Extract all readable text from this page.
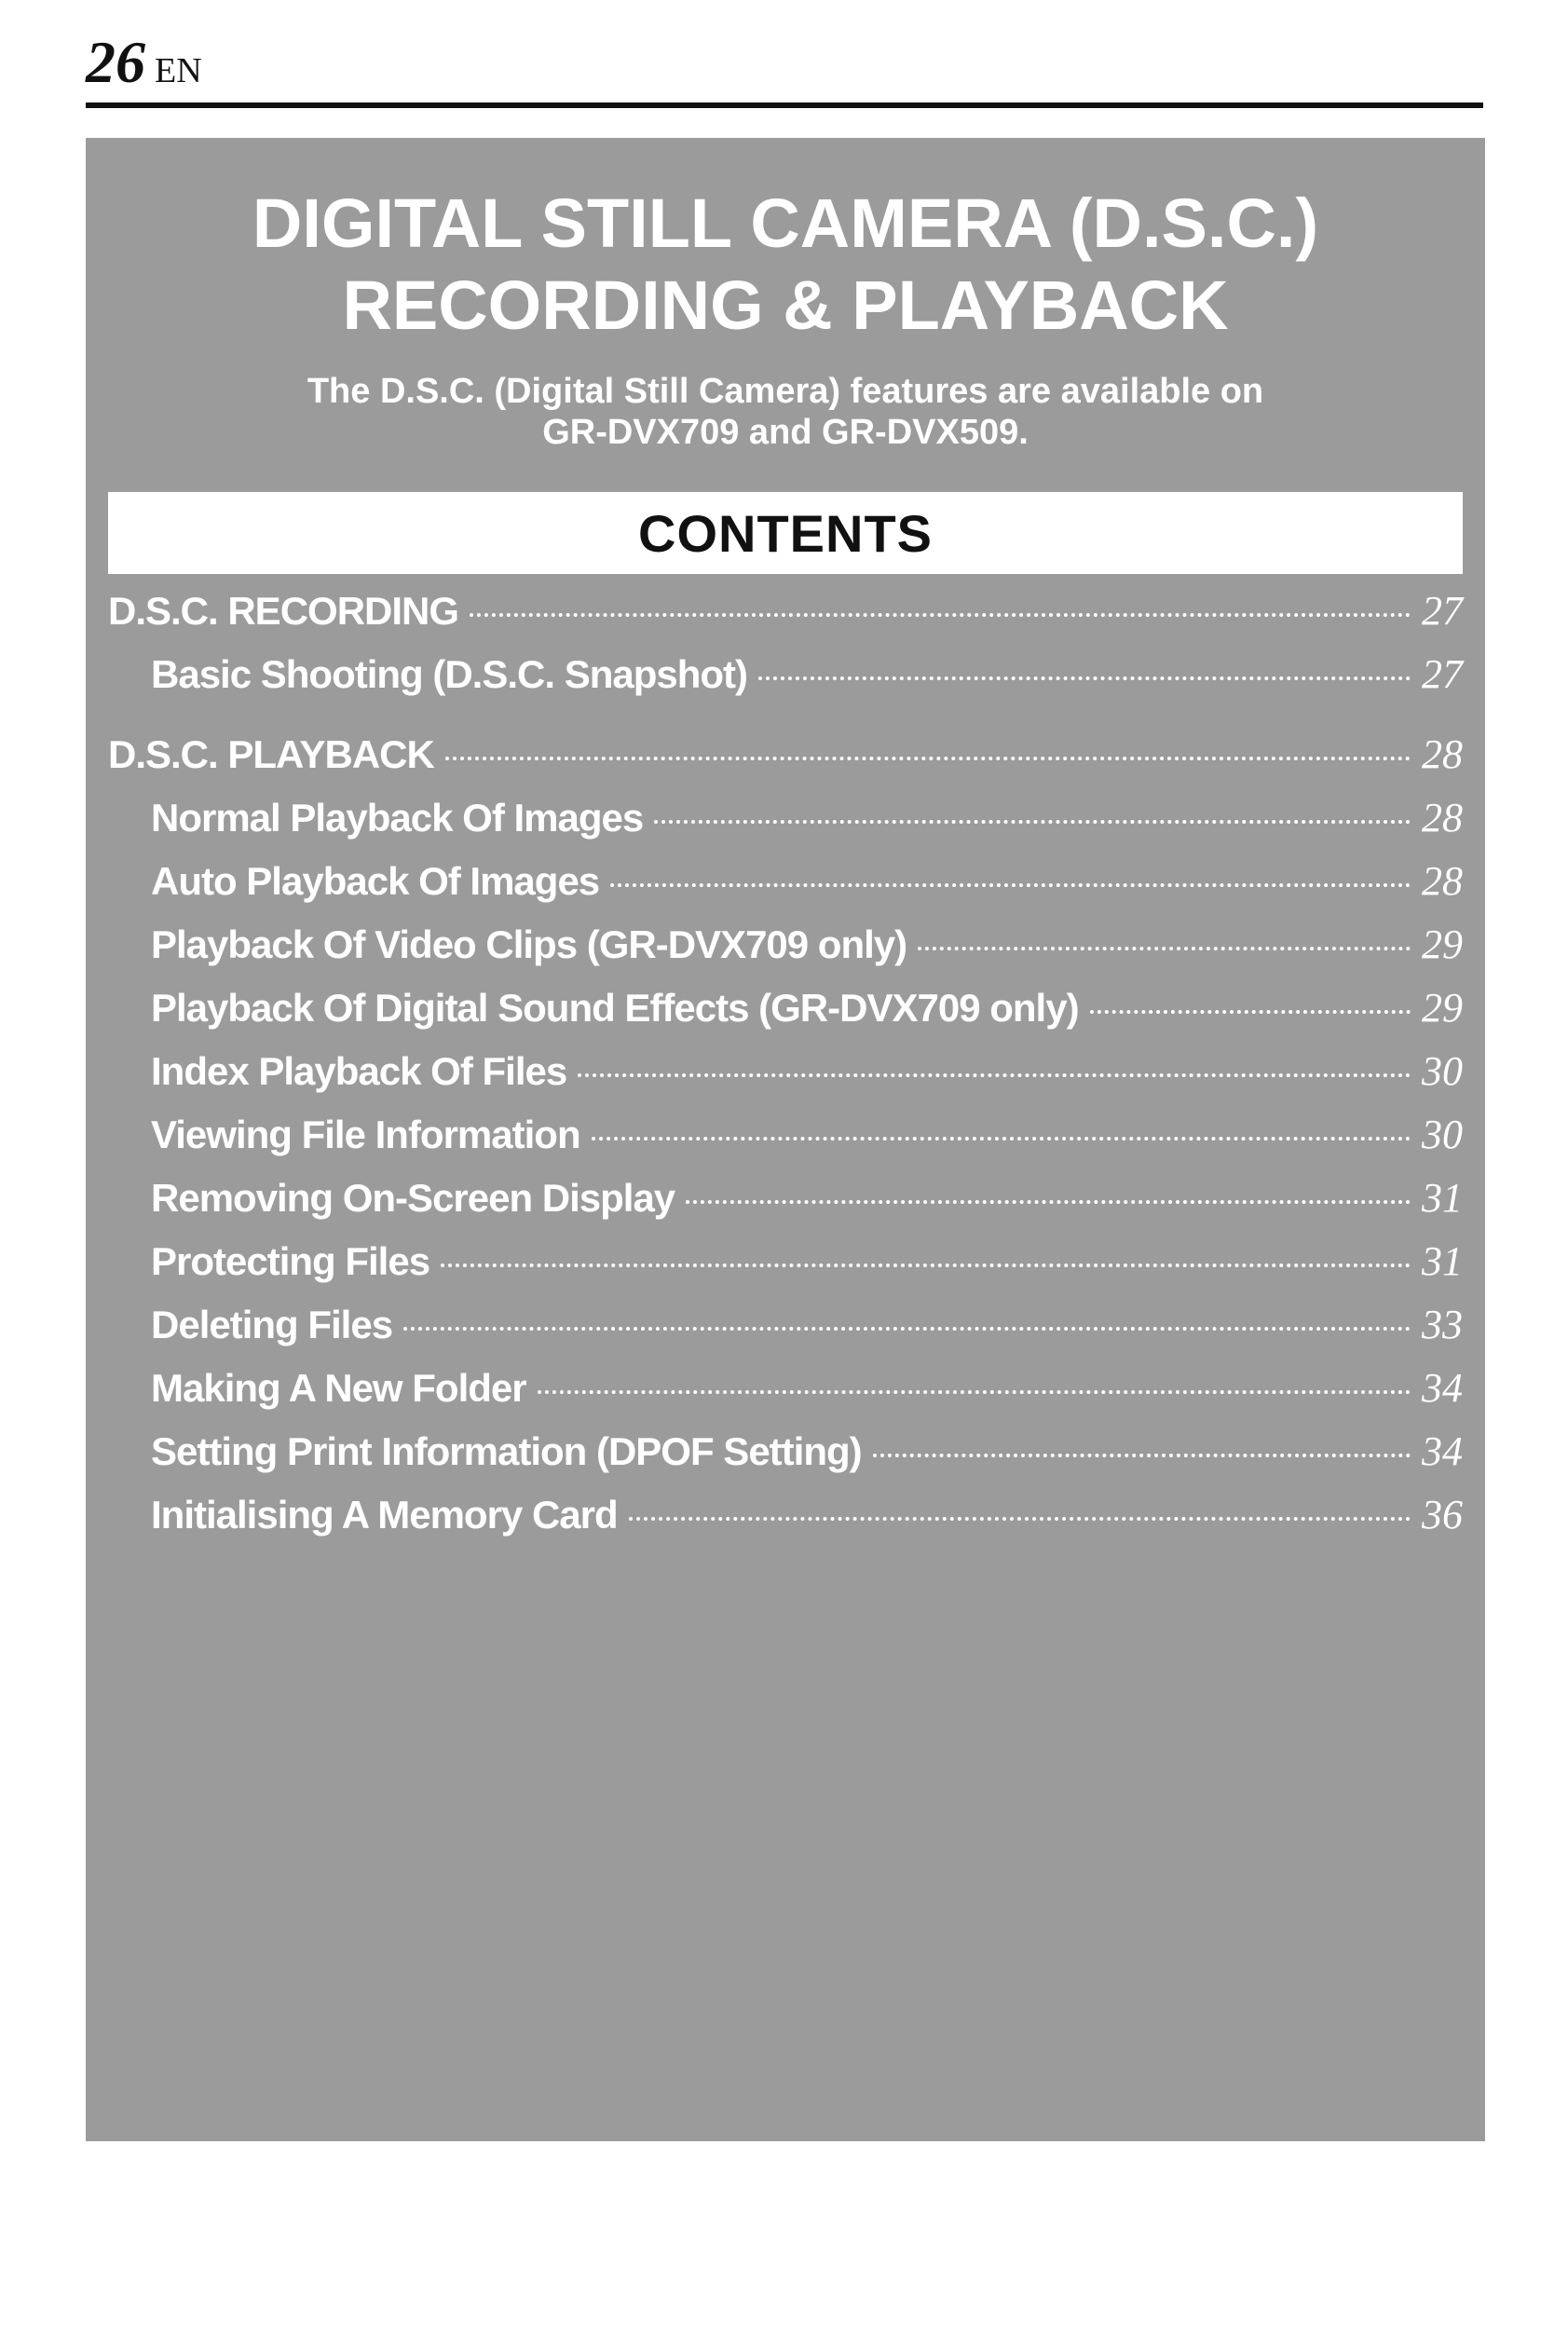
26 EN
DIGITAL STILL CAMERA (D.S.C.)
RECORDING & PLAYBACK
The D.S.C. (Digital Still Camera) features are available on
GR-DVX709 and GR-DVX509.
CONTENTS
D.S.C. RECORDING	27
Basic Shooting (D.S.C. Snapshot)	27
D.S.C. PLAYBACK	28
Normal Playback Of Images	28
Auto Playback Of Images	28
Playback Of Video Clips (GR-DVX709 only)	29
Playback Of Digital Sound Effects (GR-DVX709 only)	29
Index Playback Of Files	30
Viewing File Information	30
Removing On-Screen Display	31
Protecting Files	31
Deleting Files	33
Making A New Folder	34
Setting Print Information (DPOF Setting)	34
Initialising A Memory Card	36
Bai du 经验
jingyan.baidu.com
